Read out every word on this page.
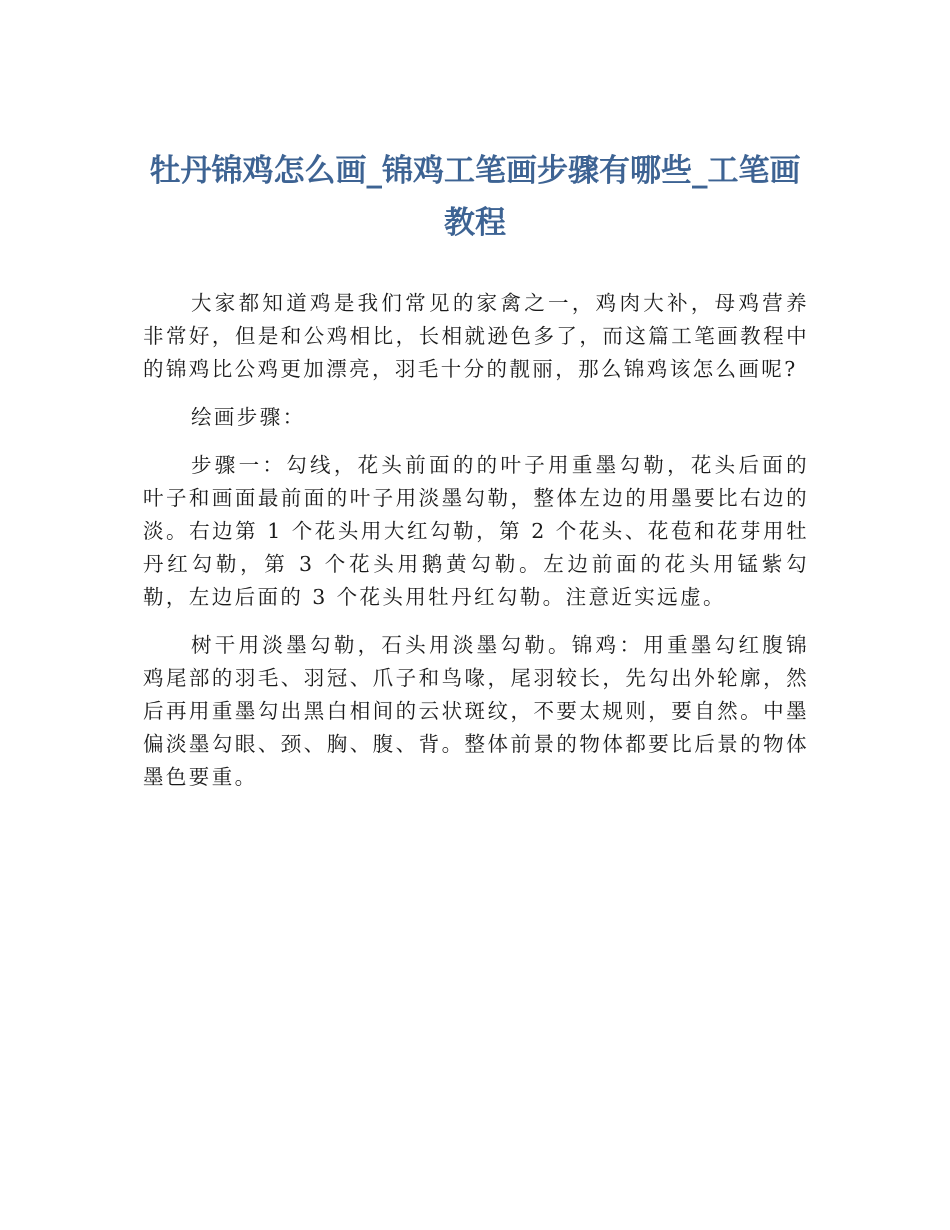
牡丹锦鸡怎么画_锦鸡工笔画步骤有哪些_工笔画教程

大家都知道鸡是我们常见的家禽之一，鸡肉大补，母鸡营养非常好，但是和公鸡相比，长相就逊色多了，而这篇工笔画教程中的锦鸡比公鸡更加漂亮，羽毛十分的靓丽，那么锦鸡该怎么画呢?

绘画步骤：

步骤一：勾线，花头前面的的叶子用重墨勾勒，花头后面的叶子和画面最前面的叶子用淡墨勾勒，整体左边的用墨要比右边的淡。右边第 1 个花头用大红勾勒，第 2 个花头、花苞和花芽用牡丹红勾勒，第 3 个花头用鹅黄勾勒。左边前面的花头用锰紫勾勒，左边后面的 3 个花头用牡丹红勾勒。注意近实远虚。

树干用淡墨勾勒，石头用淡墨勾勒。锦鸡：用重墨勾红腹锦鸡尾部的羽毛、羽冠、爪子和鸟喙，尾羽较长，先勾出外轮廓，然后再用重墨勾出黑白相间的云状斑纹，不要太规则，要自然。中墨偏淡墨勾眼、颈、胸、腹、背。整体前景的物体都要比后景的物体墨色要重。
